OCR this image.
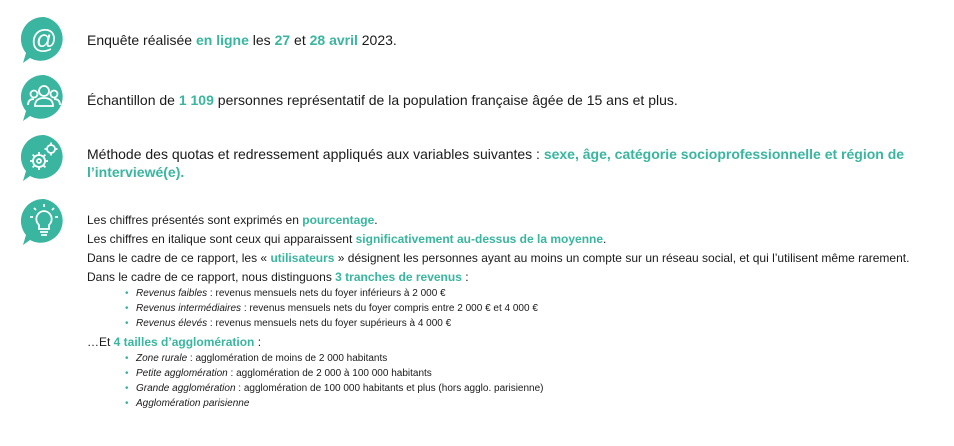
@ Enquête réalisée en ligne les 27 et 28 avril 2023.
Échantillon de 1 109 personnes représentatif de la population française âgée de 15 ans et plus.
Méthode des quotas et redressement appliqués aux variables suivantes : sexe, âge, catégorie socioprofessionnelle et région de l’interviewé(e).
Les chiffres présentés sont exprimés en pourcentage.
Les chiffres en italique sont ceux qui apparaissent significativement au-dessus de la moyenne.
Dans le cadre de ce rapport, les « utilisateurs » désignent les personnes ayant au moins un compte sur un réseau social, et qui l’utilisent même rarement.
Dans le cadre de ce rapport, nous distinguons 3 tranches de revenus :
• Revenus faibles : revenus mensuels nets du foyer inférieurs à 2 000 €
• Revenus intermédiaires : revenus mensuels nets du foyer compris entre 2 000 € et 4 000 €
• Revenus élevés : revenus mensuels nets du foyer supérieurs à 4 000 €
…Et 4 tailles d’agglomération :
• Zone rurale : agglomération de moins de 2 000 habitants
• Petite agglomération : agglomération de 2 000 à 100 000 habitants
• Grande agglomération : agglomération de 100 000 habitants et plus (hors agglo. parisienne)
• Agglomération parisienne
